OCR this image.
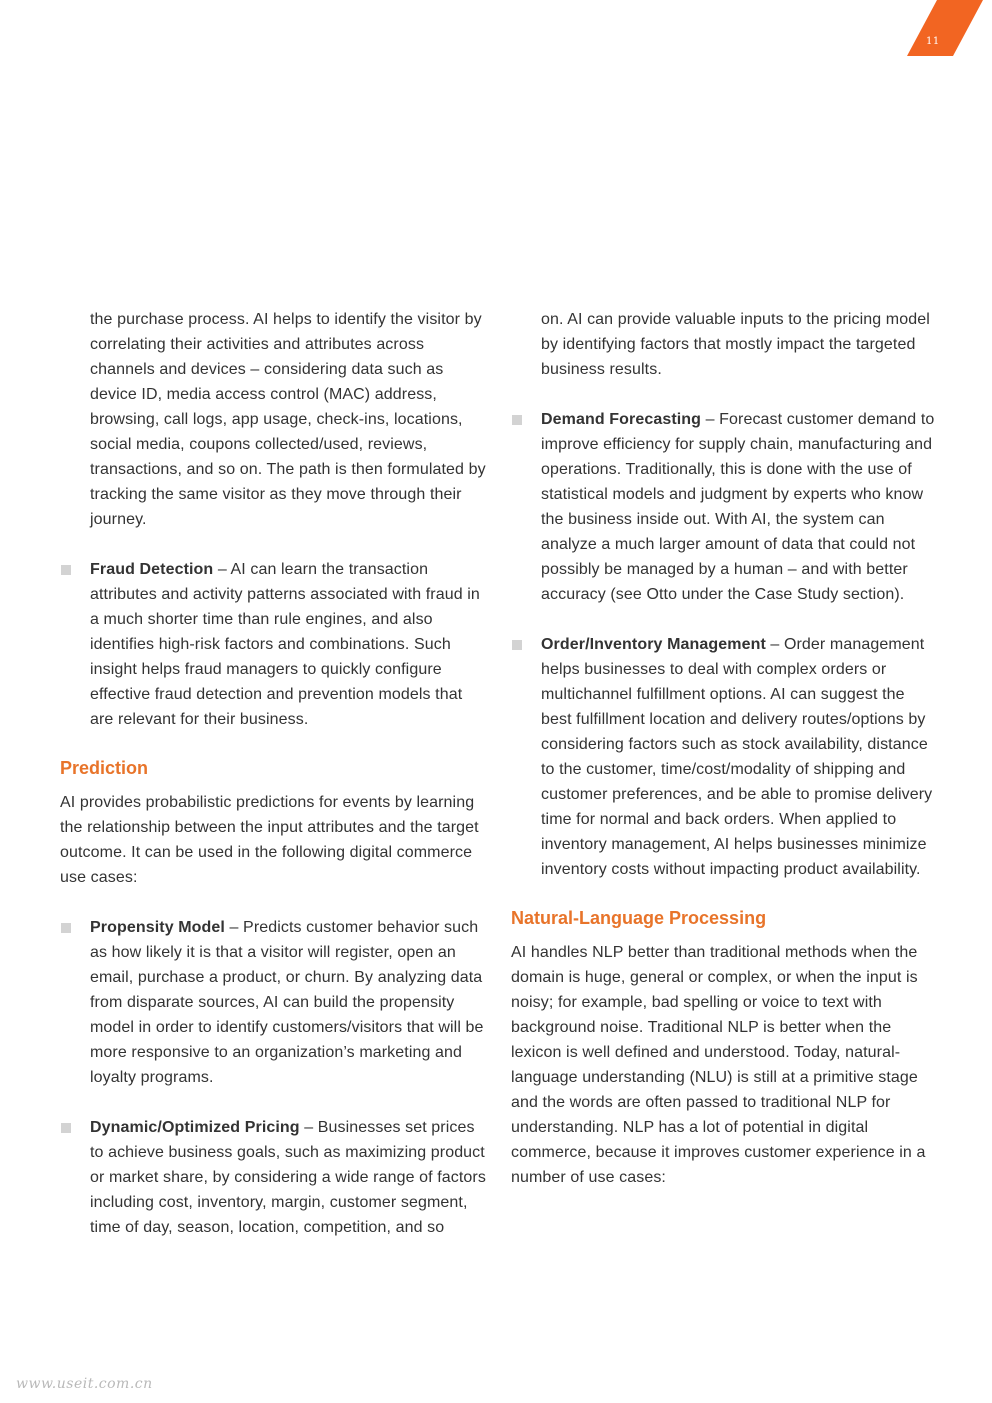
11

the purchase process. AI helps to identify the visitor by correlating their activities and attributes across channels and devices – considering data such as device ID, media access control (MAC) address, browsing, call logs, app usage, check-ins, locations, social media, coupons collected/used, reviews, transactions, and so on. The path is then formulated by tracking the same visitor as they move through their journey.

Fraud Detection – AI can learn the transaction attributes and activity patterns associated with fraud in a much shorter time than rule engines, and also identifies high-risk factors and combinations. Such insight helps fraud managers to quickly configure effective fraud detection and prevention models that are relevant for their business.

Prediction

AI provides probabilistic predictions for events by learning the relationship between the input attributes and the target outcome. It can be used in the following digital commerce use cases:

Propensity Model – Predicts customer behavior such as how likely it is that a visitor will register, open an email, purchase a product, or churn. By analyzing data from disparate sources, AI can build the propensity model in order to identify customers/visitors that will be more responsive to an organization’s marketing and loyalty programs.

Dynamic/Optimized Pricing – Businesses set prices to achieve business goals, such as maximizing product or market share, by considering a wide range of factors including cost, inventory, margin, customer segment, time of day, season, location, competition, and so

on. AI can provide valuable inputs to the pricing model by identifying factors that mostly impact the targeted business results.

Demand Forecasting – Forecast customer demand to improve efficiency for supply chain, manufacturing and operations. Traditionally, this is done with the use of statistical models and judgment by experts who know the business inside out. With AI, the system can analyze a much larger amount of data that could not possibly be managed by a human – and with better accuracy (see Otto under the Case Study section).

Order/Inventory Management – Order management helps businesses to deal with complex orders or multichannel fulfillment options. AI can suggest the best fulfillment location and delivery routes/options by considering factors such as stock availability, distance to the customer, time/cost/modality of shipping and customer preferences, and be able to promise delivery time for normal and back orders. When applied to inventory management, AI helps businesses minimize inventory costs without impacting product availability.

Natural-Language Processing

AI handles NLP better than traditional methods when the domain is huge, general or complex, or when the input is noisy; for example, bad spelling or voice to text with background noise. Traditional NLP is better when the lexicon is well defined and understood. Today, natural-language understanding (NLU) is still at a primitive stage and the words are often passed to traditional NLP for understanding. NLP has a lot of potential in digital commerce, because it improves customer experience in a number of use cases:

www.useit.com.cn
